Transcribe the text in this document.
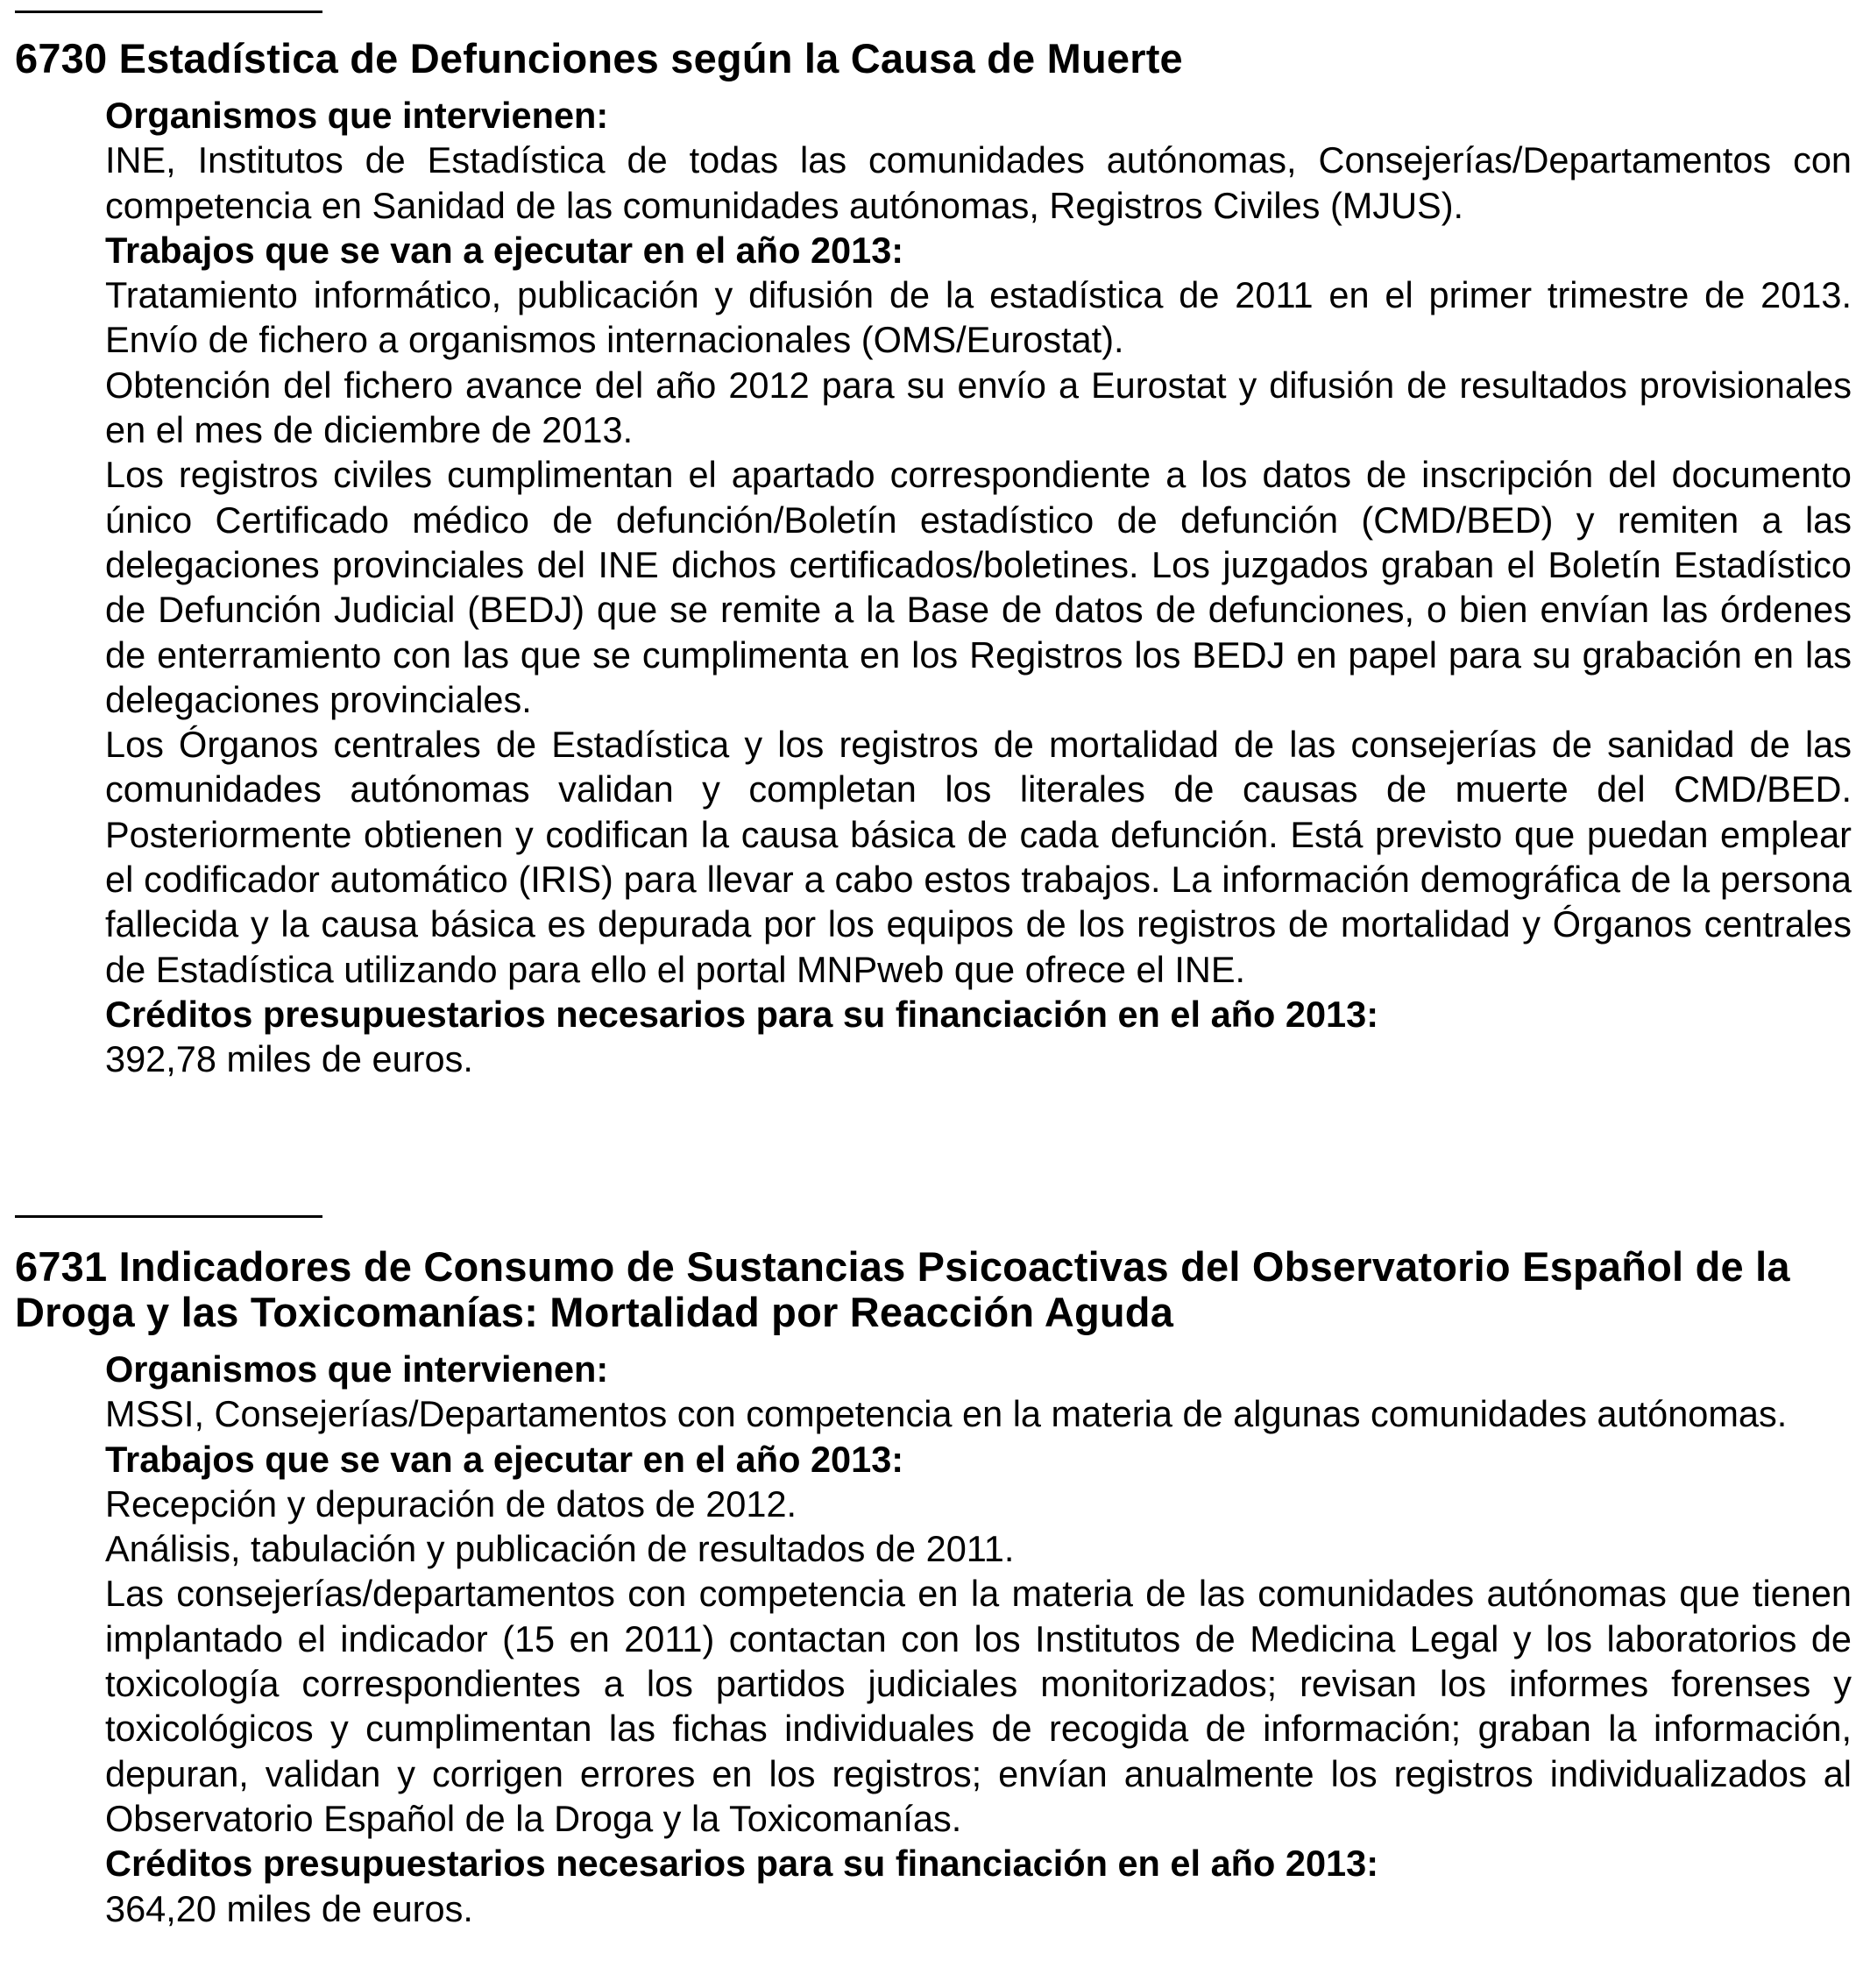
6730 Estadística de Defunciones según la Causa de Muerte

Organismos que intervienen:

INE, Institutos de Estadística de todas las comunidades autónomas, Consejerías/Departamentos con competencia en Sanidad de las comunidades autónomas, Registros Civiles (MJUS).

Trabajos que se van a ejecutar en el año 2013:

Tratamiento informático, publicación y difusión de la estadística de 2011 en el primer trimestre de 2013. Envío de fichero a organismos internacionales (OMS/Eurostat).

Obtención del fichero avance del año 2012 para su envío a Eurostat y difusión de resultados provisionales en el mes de diciembre de 2013.

Los registros civiles cumplimentan el apartado correspondiente a los datos de inscripción del documento único Certificado médico de defunción/Boletín estadístico de defunción (CMD/BED) y remiten a las delegaciones provinciales del INE dichos certificados/boletines. Los juzgados graban el Boletín Estadístico de Defunción Judicial (BEDJ) que se remite a la Base de datos de defunciones, o bien envían las órdenes de enterramiento con las que se cumplimenta en los Registros los BEDJ en papel para su grabación en las delegaciones provinciales.

Los Órganos centrales de Estadística y los registros de mortalidad de las consejerías de sanidad de las comunidades autónomas validan y completan los literales de causas de muerte del CMD/BED. Posteriormente obtienen y codifican la causa básica de cada defunción. Está previsto que puedan emplear el codificador automático (IRIS) para llevar a cabo estos trabajos. La información demográfica de la persona fallecida y la causa básica es depurada por los equipos de los registros de mortalidad y Órganos centrales de Estadística utilizando para ello el portal MNPweb que ofrece el INE.

Créditos presupuestarios necesarios para su financiación en el año 2013:

392,78 miles de euros.

6731 Indicadores de Consumo de Sustancias Psicoactivas del Observatorio Español de la Droga y las Toxicomanías: Mortalidad por Reacción Aguda

Organismos que intervienen:

MSSI, Consejerías/Departamentos con competencia en la materia de algunas comunidades autónomas.

Trabajos que se van a ejecutar en el año 2013:

Recepción y depuración de datos de 2012.

Análisis, tabulación y publicación de resultados de 2011.

Las consejerías/departamentos con competencia en la materia de las comunidades autónomas que tienen implantado el indicador (15 en 2011) contactan con los Institutos de Medicina Legal y los laboratorios de toxicología correspondientes a los partidos judiciales monitorizados; revisan los informes forenses y toxicológicos y cumplimentan las fichas individuales de recogida de información; graban la información, depuran, validan y corrigen errores en los registros; envían anualmente los registros individualizados al Observatorio Español de la Droga y la Toxicomanías.

Créditos presupuestarios necesarios para su financiación en el año 2013:

364,20 miles de euros.
